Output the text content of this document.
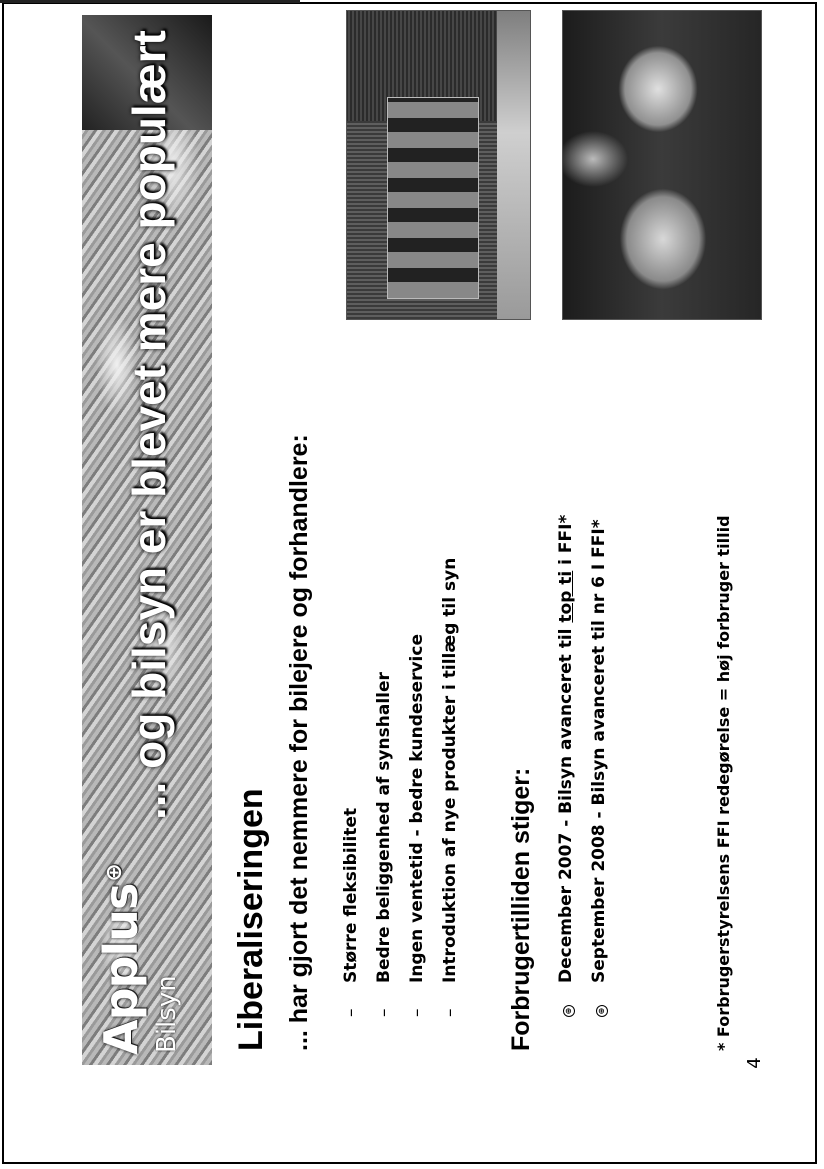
Applus⊕
Bilsyn
... og bilsyn er blevet mere populært
Liberaliseringen ... har gjort det nemmere for bilejere og forhandlere: –
Større fleksibilitet
–
Bedre beliggenhed af synshaller
–
Ingen ventetid - bedre kundeservice
–
Introduktion af nye produkter i tillæg til syn Forbrugertilliden stiger:	⊕
December 2007 - Bilsyn avanceret til
top ti
i FFI*
⊕
September 2008 - Bilsyn avanceret til nr 6 I FFI*	* Forbrugerstyrelsens FFI redegørelse = høj forbruger tillid
4
